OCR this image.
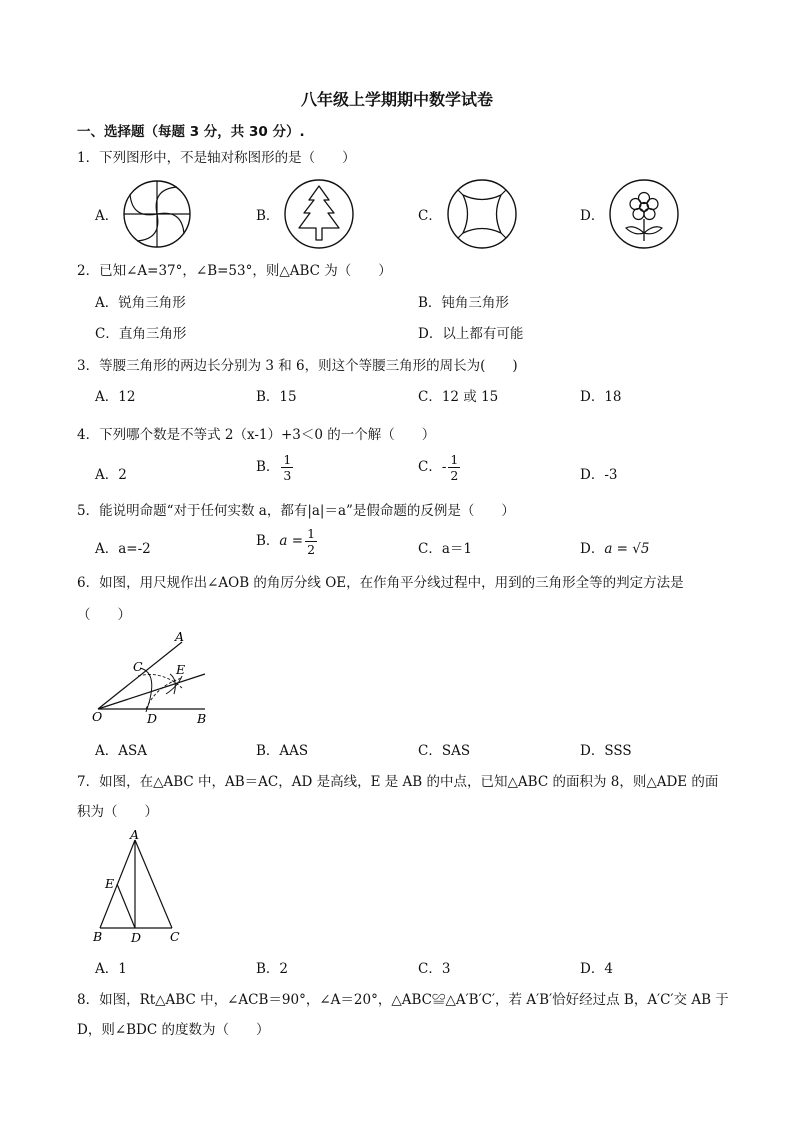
八年级上学期期中数学试卷
一、选择题（每题 3 分，共 30 分）.
1．下列图形中，不是轴对称图形的是（　　）
A．	B．	C．	D．
2．已知∠A=37°，∠B=53°，则△ABC 为（　　）
A．锐角三角形	B．钝角三角形
C．直角三角形	D．以上都有可能
3．等腰三角形的两边长分别为 3 和 6，则这个等腰三角形的周长为(　　)
A．12	B．15	C．12 或 15	D．18
4．下列哪个数是不等式 2（x-1）+3＜0 的一个解（　　）
A．2	B． $\frac{1}{3}$	C．- $\frac{1}{2}$	D．-3
5．能说明命题“对于任何实数 a，都有|a|＝a”是假命题的反例是（　　）
A．a=-2	B．$a = \frac{1}{2}$	C．a＝1	D．a = √5
6．如图，用尺规作出∠AOB 的角厉分线 OE，在作角平分线过程中，用到的三角形全等的判定方法是
（　　）
A
B
C
D
E
O
A．ASA	B．AAS	C．SAS	D．SSS
7．如图，在△ABC 中，AB＝AC，AD 是高线，E 是 AB 的中点，已知△ABC 的面积为 8，则△ADE 的面
积为（　　）
A
B	C
D
E
A．1	B．2	C．3	D．4
8．如图，Rt△ABC 中，∠ACB＝90°，∠A＝20°，△ABC≌△A′B′C′，若 A′B′恰好经过点 B，A′C′交 AB 于
D，则∠BDC 的度数为（　　）
